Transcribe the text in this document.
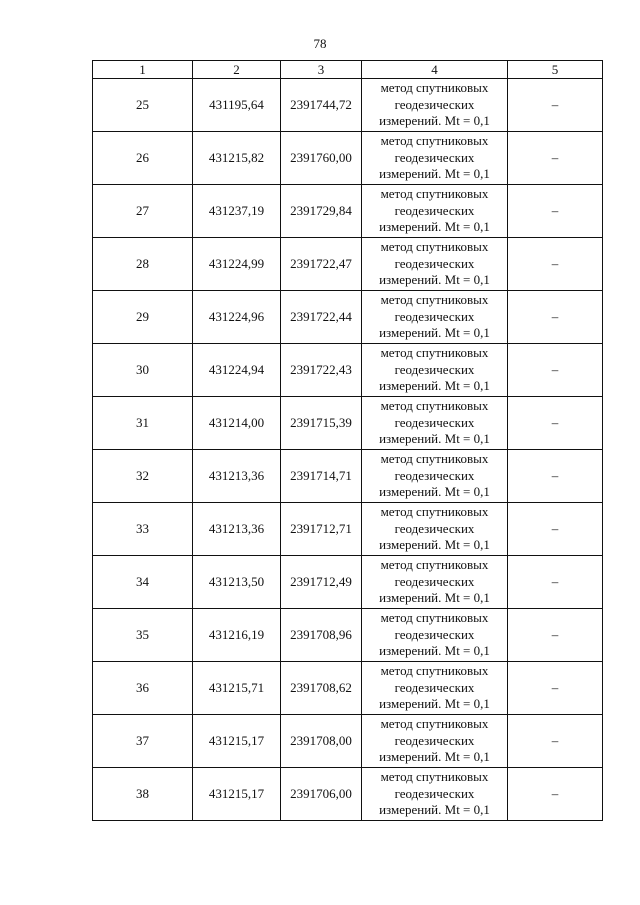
78
1	2	3	4	5
25	431195,64	2391744,72	метод спутниковых геодезических измерений. Mt = 0,1	–
26	431215,82	2391760,00	метод спутниковых геодезических измерений. Mt = 0,1	–
27	431237,19	2391729,84	метод спутниковых геодезических измерений. Mt = 0,1	–
28	431224,99	2391722,47	метод спутниковых геодезических измерений. Mt = 0,1	–
29	431224,96	2391722,44	метод спутниковых геодезических измерений. Mt = 0,1	–
30	431224,94	2391722,43	метод спутниковых геодезических измерений. Mt = 0,1	–
31	431214,00	2391715,39	метод спутниковых геодезических измерений. Mt = 0,1	–
32	431213,36	2391714,71	метод спутниковых геодезических измерений. Mt = 0,1	–
33	431213,36	2391712,71	метод спутниковых геодезических измерений. Mt = 0,1	–
34	431213,50	2391712,49	метод спутниковых геодезических измерений. Mt = 0,1	–
35	431216,19	2391708,96	метод спутниковых геодезических измерений. Mt = 0,1	–
36	431215,71	2391708,62	метод спутниковых геодезических измерений. Mt = 0,1	–
37	431215,17	2391708,00	метод спутниковых геодезических измерений. Mt = 0,1	–
38	431215,17	2391706,00	метод спутниковых геодезических измерений. Mt = 0,1	–
